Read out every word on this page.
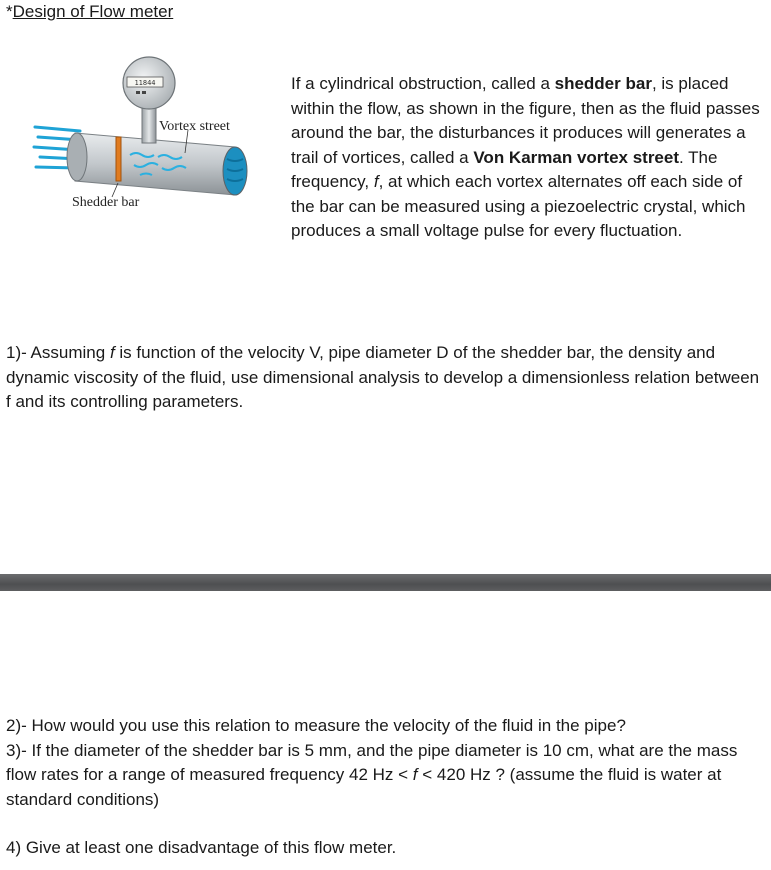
*Design of Flow meter
11844
Vortex street
Shedder bar

If a cylindrical obstruction, called a shedder bar, is placed within the flow, as shown in the figure, then as the fluid passes around the bar, the disturbances it produces will generates a trail of vortices, called a Von Karman vortex street. The frequency, f, at which each vortex alternates off each side of the bar can be measured using a piezoelectric crystal, which produces a small voltage pulse for every fluctuation.

1)- Assuming f is function of the velocity V, pipe diameter D of the shedder bar, the density and dynamic viscosity of the fluid, use dimensional analysis to develop a dimensionless relation between f and its controlling parameters.

2)- How would you use this relation to measure the velocity of the fluid in the pipe?

3)- If the diameter of the shedder bar is 5 mm, and the pipe diameter is 10 cm, what are the mass flow rates for a range of measured frequency 42 Hz < f < 420 Hz ? (assume the fluid is water at standard conditions)

4) Give at least one disadvantage of this flow meter.
